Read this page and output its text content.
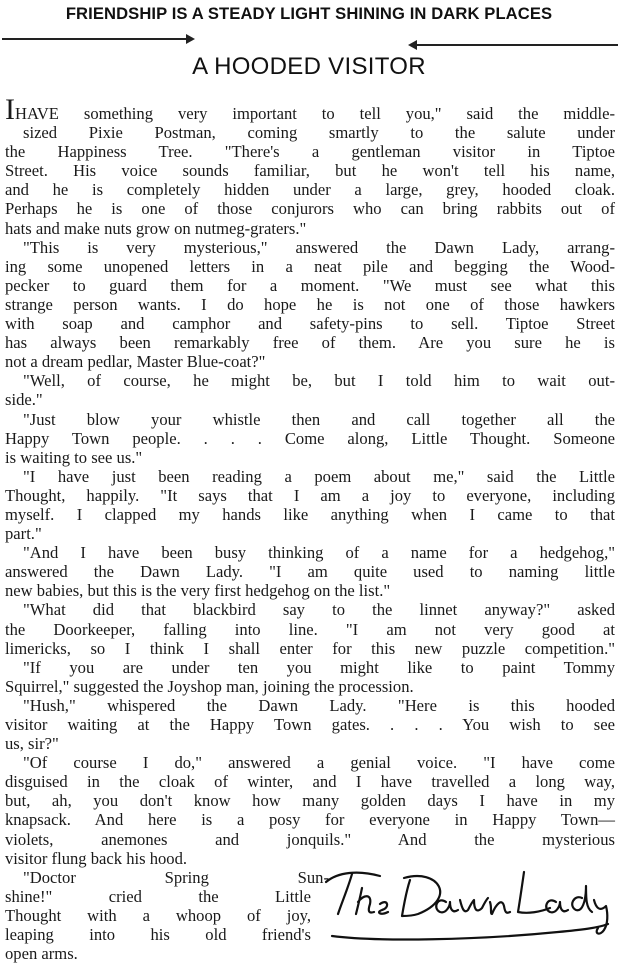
FRIENDSHIP IS A STEADY LIGHT SHINING IN DARK PLACES
A HOODED VISITOR
IHAVE something very important to tell you," said the middle-
sized Pixie Postman, coming smartly to the salute under
the Happiness Tree. "There's a gentleman visitor in Tiptoe
Street. His voice sounds familiar, but he won't tell his name,
and he is completely hidden under a large, grey, hooded cloak.
Perhaps he is one of those conjurors who can bring rabbits out of
hats and make nuts grow on nutmeg-graters."
"This is very mysterious," answered the Dawn Lady, arrang-
ing some unopened letters in a neat pile and begging the Wood-
pecker to guard them for a moment. "We must see what this
strange person wants. I do hope he is not one of those hawkers
with soap and camphor and safety-pins to sell. Tiptoe Street
has always been remarkably free of them. Are you sure he is
not a dream pedlar, Master Blue-coat?"
"Well, of course, he might be, but I told him to wait out-
side."
"Just blow your whistle then and call together all the
Happy Town people. . . . Come along, Little Thought. Someone
is waiting to see us."
"I have just been reading a poem about me," said the Little
Thought, happily. "It says that I am a joy to everyone, including
myself. I clapped my hands like anything when I came to that
part."
"And I have been busy thinking of a name for a hedgehog,"
answered the Dawn Lady. "I am quite used to naming little
new babies, but this is the very first hedgehog on the list."
"What did that blackbird say to the linnet anyway?" asked
the Doorkeeper, falling into line. "I am not very good at
limericks, so I think I shall enter for this new puzzle competition."
"If you are under ten you might like to paint Tommy
Squirrel," suggested the Joyshop man, joining the procession.
"Hush," whispered the Dawn Lady. "Here is this hooded
visitor waiting at the Happy Town gates. . . . You wish to see
us, sir?"
"Of course I do," answered a genial voice. "I have come
disguised in the cloak of winter, and I have travelled a long way,
but, ah, you don't know how many golden days I have in my
knapsack. And here is a posy for everyone in Happy Town—
violets, anemones and jonquils." And the mysterious
visitor flung back his hood.
"Doctor Spring Sun-
shine!" cried the Little
Thought with a whoop of joy,
leaping into his old friend's
open arms.
